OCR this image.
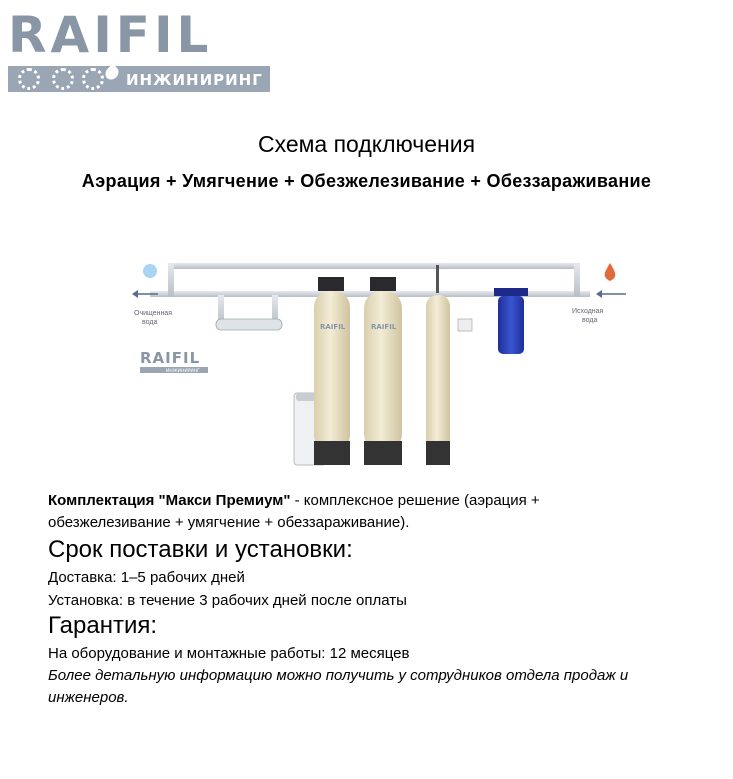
RAIFIL
ИНЖИНИРИНГ
Схема подключения
Аэрация + Умягчение + Обезжелезивание + Обеззараживание
Очищенная
вода
RAIFIL
ИНЖИНИРИНГ
RAIFIL	RAIFIL
Исходная
вода
Комплектация "Макси Премиум" - комплексное решение (аэрация +
обезжелезивание + умягчение + обеззараживание).
Срок поставки и установки:
Доставка: 1–5 рабочих дней
Установка: в течение 3 рабочих дней после оплаты
Гарантия:
На оборудование и монтажные работы: 12 месяцев
Более детальную информацию можно получить у сотрудников отдела продаж и
инженеров.
